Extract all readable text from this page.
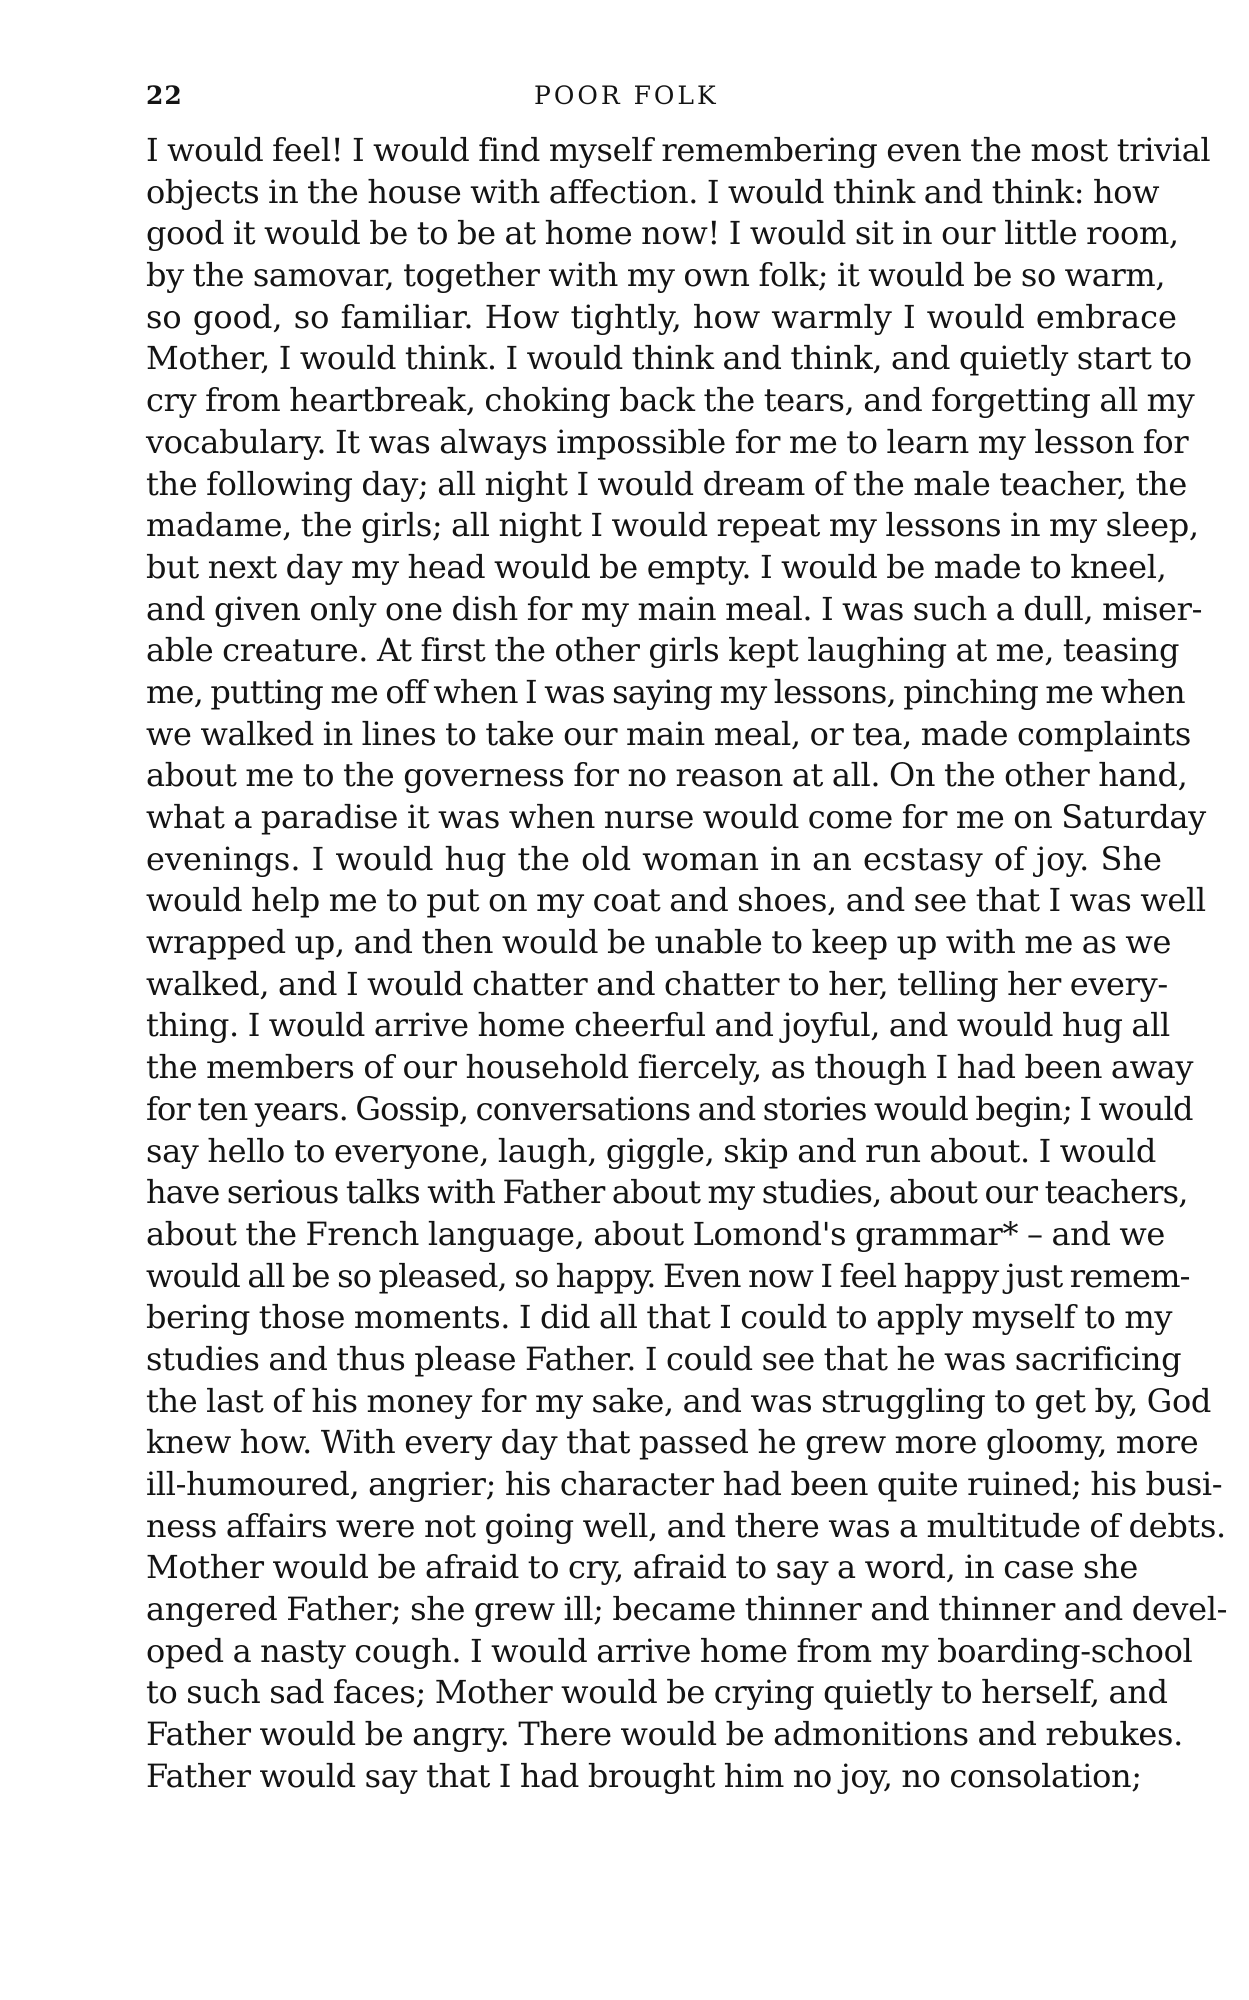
22	POOR FOLK
I would feel! I would find myself remembering even the most trivial
objects in the house with affection. I would think and think: how
good it would be to be at home now! I would sit in our little room,
by the samovar, together with my own folk; it would be so warm,
so good, so familiar. How tightly, how warmly I would embrace
Mother, I would think. I would think and think, and quietly start to
cry from heartbreak, choking back the tears, and forgetting all my
vocabulary. It was always impossible for me to learn my lesson for
the following day; all night I would dream of the male teacher, the
madame, the girls; all night I would repeat my lessons in my sleep,
but next day my head would be empty. I would be made to kneel,
and given only one dish for my main meal. I was such a dull, miser-
able creature. At first the other girls kept laughing at me, teasing
me, putting me off when I was saying my lessons, pinching me when
we walked in lines to take our main meal, or tea, made complaints
about me to the governess for no reason at all. On the other hand,
what a paradise it was when nurse would come for me on Saturday
evenings. I would hug the old woman in an ecstasy of joy. She
would help me to put on my coat and shoes, and see that I was well
wrapped up, and then would be unable to keep up with me as we
walked, and I would chatter and chatter to her, telling her every-
thing. I would arrive home cheerful and joyful, and would hug all
the members of our household fiercely, as though I had been away
for ten years. Gossip, conversations and stories would begin; I would
say hello to everyone, laugh, giggle, skip and run about. I would
have serious talks with Father about my studies, about our teachers,
about the French language, about Lomond's grammar* – and we
would all be so pleased, so happy. Even now I feel happy just remem-
bering those moments. I did all that I could to apply myself to my
studies and thus please Father. I could see that he was sacrificing
the last of his money for my sake, and was struggling to get by, God
knew how. With every day that passed he grew more gloomy, more
ill-humoured, angrier; his character had been quite ruined; his busi-
ness affairs were not going well, and there was a multitude of debts.
Mother would be afraid to cry, afraid to say a word, in case she
angered Father; she grew ill; became thinner and thinner and devel-
oped a nasty cough. I would arrive home from my boarding-school
to such sad faces; Mother would be crying quietly to herself, and
Father would be angry. There would be admonitions and rebukes.
Father would say that I had brought him no joy, no consolation;
